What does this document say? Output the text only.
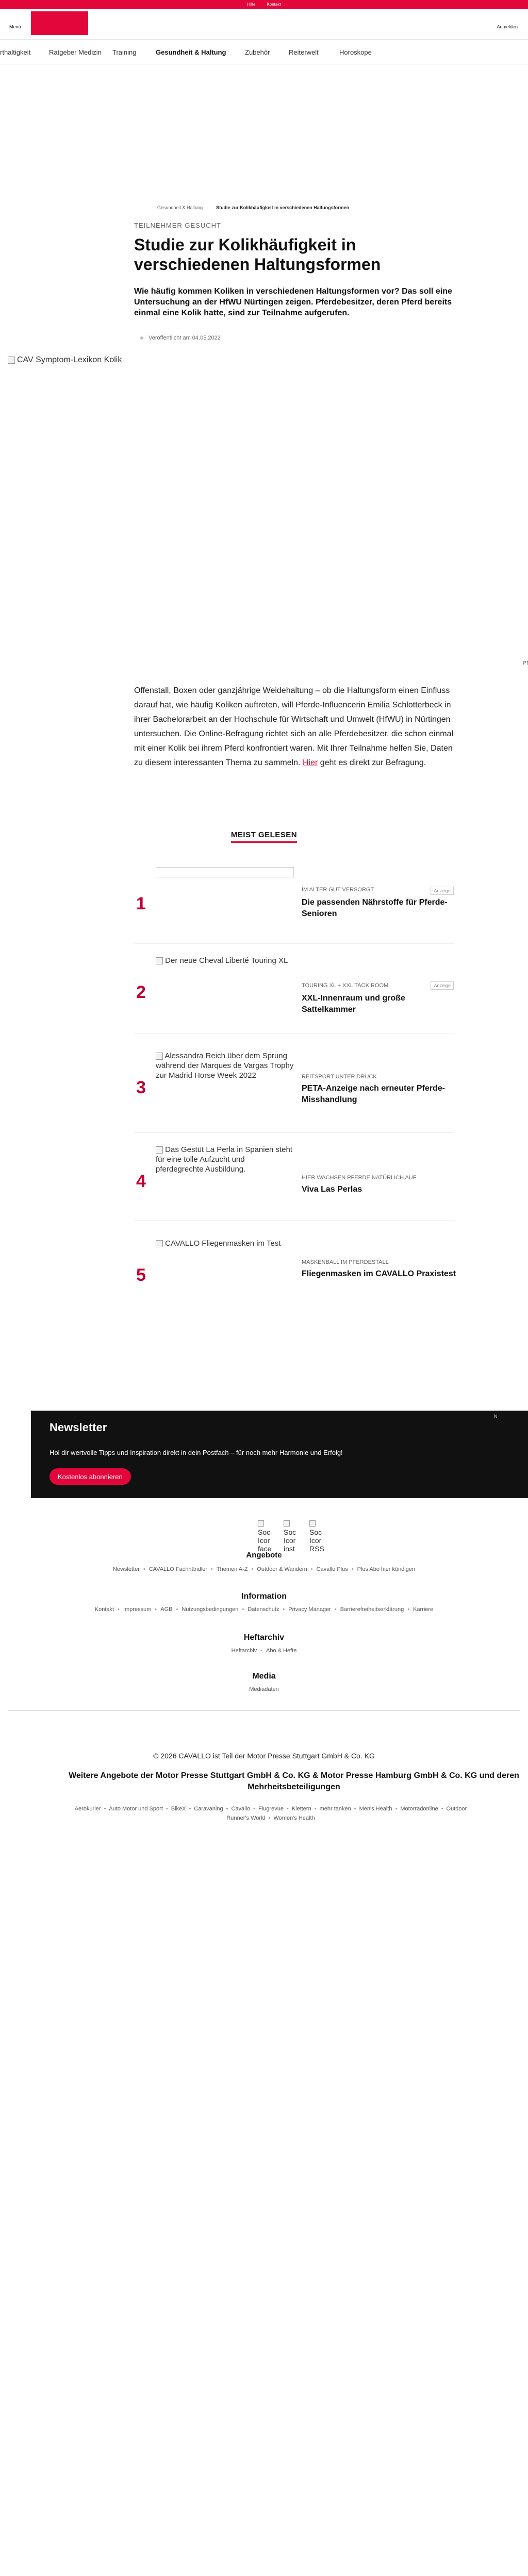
Hilfe	Kontakt
Menü	Anmelden
rthaltigkeit	Ratgeber Medizin Training	Gesundheit & Haltung	Zubehör	Reiterwelt	Horoskope
Gesundheit & Haltung	Studie zur Kolikhäufigkeit in verschiedenen Haltungsformen
TEILNEHMER GESUCHT
Studie zur Kolikhäufigkeit in verschiedenen Haltungsformen

Wie häufig kommen Koliken in verschiedenen Haltungsformen vor? Das soll eine Untersuchung an der HfWU Nürtingen zeigen. Pferdebesitzer, deren Pferd bereits einmal eine Kolik hatte, sind zur Teilnahme aufgerufen.

Veröffentlicht am 04.05.2022
CAV Symptom-Lexikon Kolik
Pf

Offenstall, Boxen oder ganzjährige Weidehaltung – ob die Haltungsform einen Einfluss darauf hat, wie häufig Koliken auftreten, will Pferde-Influencerin Emilia Schlotterbeck in ihrer Bachelorarbeit an der Hochschule für Wirtschaft und Umwelt (HfWU) in Nürtingen untersuchen. Die Online-Befragung richtet sich an alle Pferdebesitzer, die schon einmal mit einer Kolik bei ihrem Pferd konfrontiert waren. Mit Ihrer Teilnahme helfen Sie, Daten zu diesem interessanten Thema zu sammeln. Hier geht es direkt zur Befragung.

MEIST GELESEN
1
IM ALTER GUT VERSORGT	Anzeige
Die passenden Nährstoffe für Pferde-Senioren
2
Der neue Cheval Liberté Touring XL
TOURING XL + XXL TACK ROOM	Anzeige
XXL-Innenraum und große Sattelkammer
3
Alessandra Reich über dem Sprung während der Marques de Vargas Trophy zur Madrid Horse Week 2022	REITSPORT UNTER DRUCK
PETA-Anzeige nach erneuter Pferde-Misshandlung
4
Das Gestüt La Perla in Spanien steht für eine tolle Aufzucht und pferdegrechte Ausbildung.
HIER WACHSEN PFERDE NATÜRLICH AUF
Viva Las Perlas
5
CAVALLO Fliegenmasken im Test
MASKENBALL IM PFERDESTALL
Fliegenmasken im CAVALLO Praxistest
Newsletter

Hol dir wertvolle Tipps und Inspiration direkt in dein Postfach – für noch mehr Harmonie und Erfolg!

Kostenlos abonnieren
N
Soc Icor face
Soc Icor inst
Soc Icor RSS
Angebote
Newsletter • CAVALLO Fachhändler • Themen A-Z • Outdoor & Wandern • Cavallo Plus • Plus Abo hier kündigen
Information
Kontakt • Impressum • AGB • Nutzungsbedingungen • Datenschutz • Privacy Manager • Barrierefreiheitserklärung • Karriere
Heftarchiv
Heftarchiv • Abo & Hefte
Media
Mediadaten
© 2026 CAVALLO ist Teil der Motor Presse Stuttgart GmbH & Co. KG
Weitere Angebote der Motor Presse Stuttgart GmbH & Co. KG & Motor Presse Hamburg GmbH & Co. KG und deren Mehrheitsbeteiligungen
Aerokurier • Auto Motor und Sport • BikeX • Caravaning • Cavallo • Flugrevue • Klettern • mehr tanken • Men's Health • Motorradonline • Outdoor
Runner's World • Women's Health
